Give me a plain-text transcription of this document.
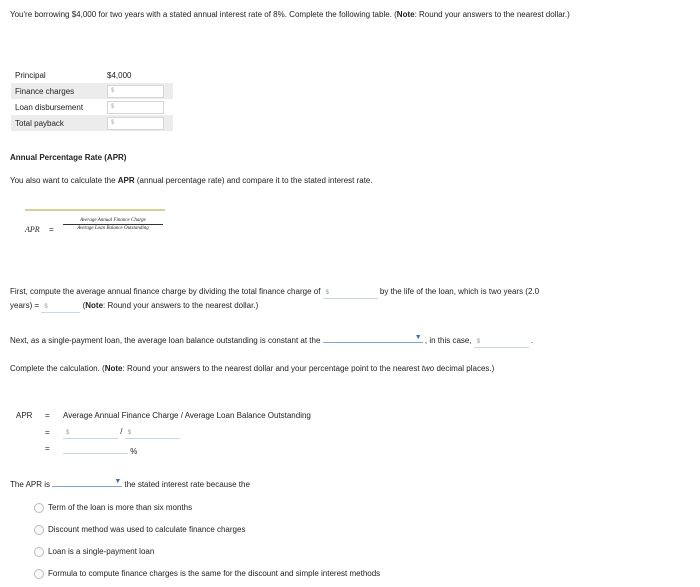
You're borrowing $4,000 for two years with a stated annual interest rate of 8%. Complete the following table. (Note: Round your answers to the nearest dollar.)
Principal	$4,000
Finance charges	$
Loan disbursement	$
Total payback	$
Annual Percentage Rate (APR)
You also want to calculate the APR (annual percentage rate) and compare it to the stated interest rate.
APR =
Average Annual Finance Charge
Average Loan Balance Outstanding
First, compute the average annual finance charge by dividing the total finance charge of $	by the life of the loan, which is two years (2.0
years) = $	(Note: Round your answers to the nearest dollar.)
Next, as a single-payment loan, the average loan balance outstanding is constant at the	▼ , in this case, $	.
Complete the calculation. (Note: Round your answers to the nearest dollar and your percentage point to the nearest two decimal places.)
APR = Average Annual Finance Charge / Average Loan Balance Outstanding
=	$	/ $
=	%
The APR is	▼ the stated interest rate because the
Term of the loan is more than six months
Discount method was used to calculate finance charges
Loan is a single-payment loan
Formula to compute finance charges is the same for the discount and simple interest methods
